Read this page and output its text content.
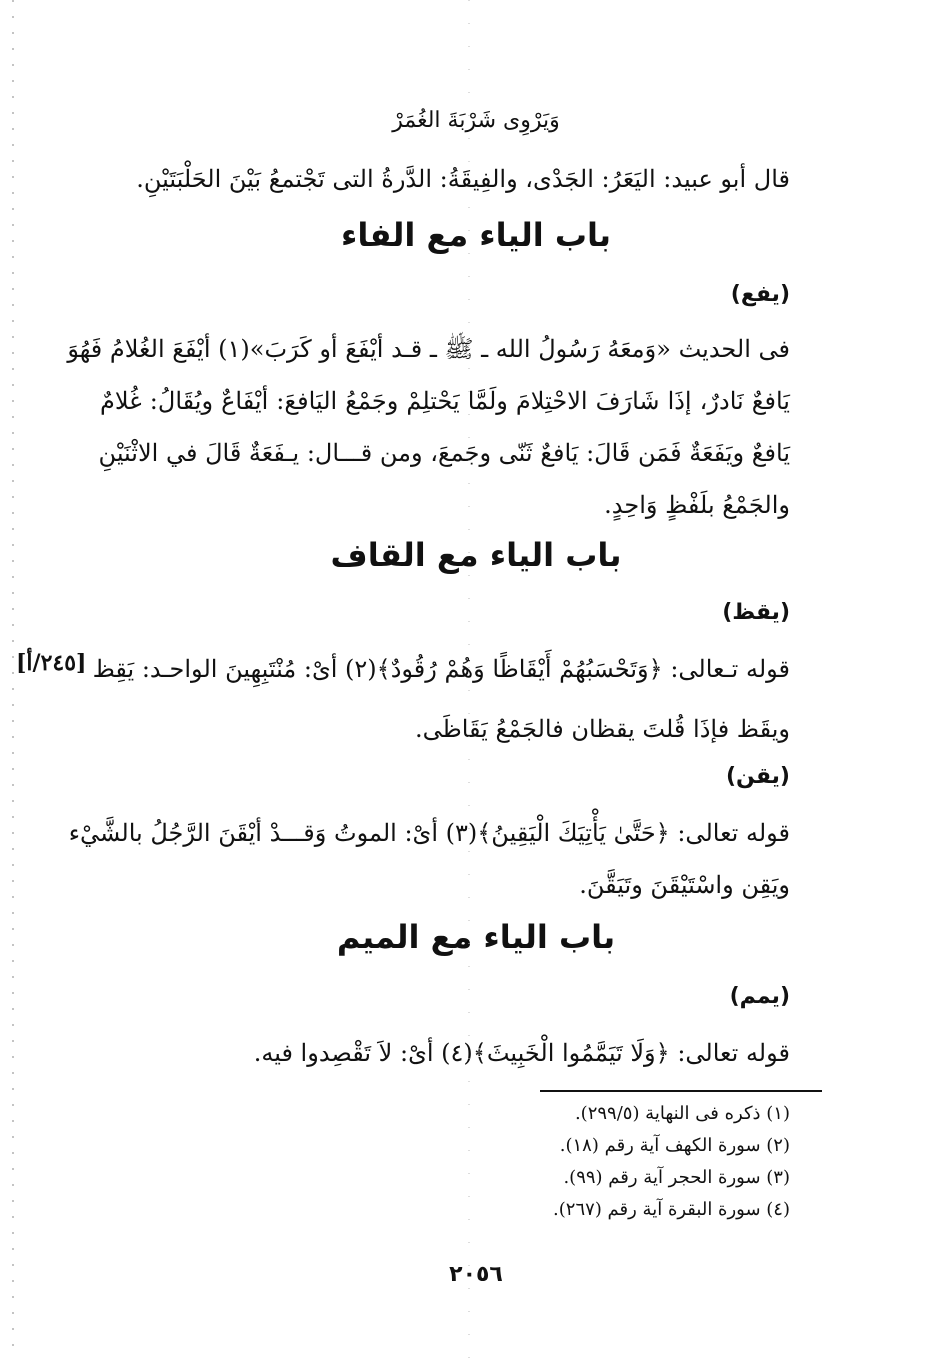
وَيَرْوِى شَرْبَةَ الغُمَرْ
قال أبو عبيد: اليَعَرُ: الجَدْى، والفِيقَةُ: الدَّرةُ التى تَجْتمعُ بَيْنَ الحَلْبَتَيْنِ.
باب الياء مع الفاء
(يفع)
فى الحديث «وَمعَهُ رَسُولُ الله ـ ﷺ ـ قـد أيْفَعَ أو كَرَبَ»(١) أيْفَعَ الغُلامُ فَهُوَ
يَافعٌ نَادرٌ، إذَا شَارَفَ الاحْتِلامَ ولَمَّا يَحْتلِمْ وجَمْعُ اليَافعَ: أيْفَاعٌ ويُقَالُ: غُلامٌ
يَافعٌ ويَفَعَةٌ فَمَن قَالَ: يَافعٌ ثَنّى وجَمعَ، ومن قـــال: يـفَعَةٌ قَالَ في الاثْنَيْنِ
والجَمْعُ بلَفْظٍ وَاحِدٍ.
باب الياء مع القاف
(يقظ)
[٢٤٥/أ] قوله تـعالى: ﴿وَتَحْسَبُهُمْ أَيْقَاظًا وَهُمْ رُقُودٌ﴾(٢) أىْ: مُنْتَبِهِينَ الواحـد: يَقِظ
ويقَظ فإذَا قُلتَ يقظان فالجَمْعُ يَقَاظَى.
(يقن)
قوله تعالى: ﴿حَتَّىٰ يَأْتِيَكَ الْيَقِينُ﴾(٣) أىْ: الموتُ وَقـــدْ أيْقَنَ الرَّجُلُ بالشَّيْء
ويَقِن واسْتَيْقَنَ وتَيَقَّنَ.
باب الياء مع الميم
(يمم)
قوله تعالى: ﴿وَلَا تَيَمَّمُوا الْخَبِيثَ﴾(٤) أىْ: لاَ تَقْصِدوا فيه.
(١) ذكره فى النهاية (٢٩٩/٥).
(٢) سورة الكهف آية رقم (١٨).
(٣) سورة الحجر آية رقم (٩٩).
(٤) سورة البقرة آية رقم (٢٦٧).
٢٠٥٦
